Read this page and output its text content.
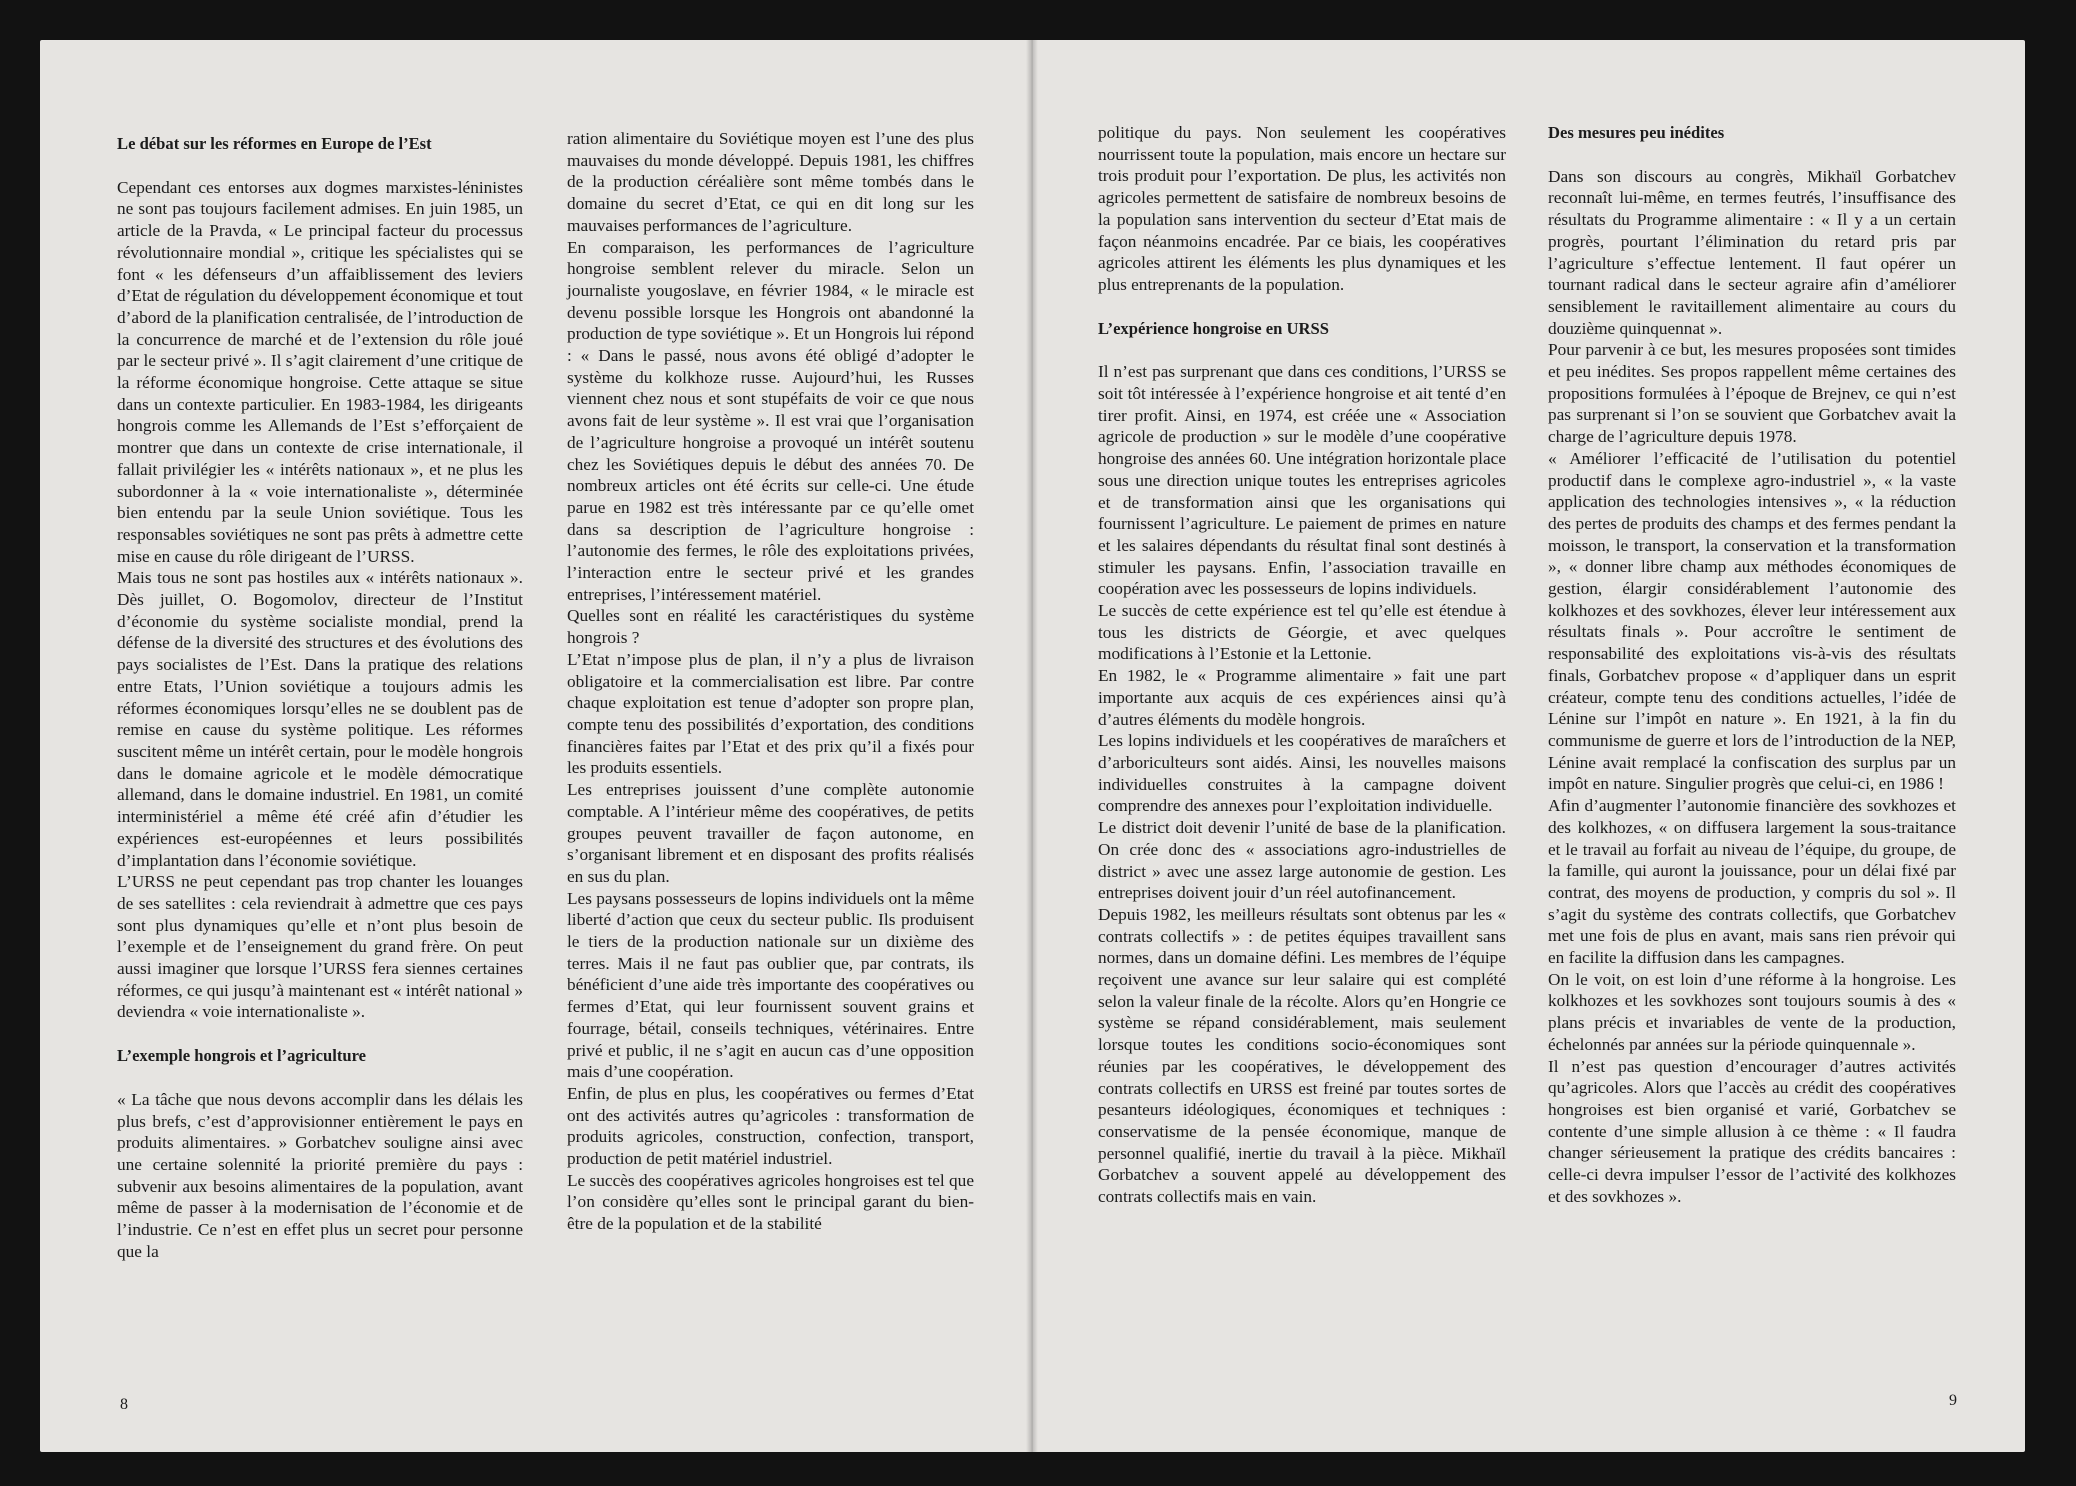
Le débat sur les réformes en Europe de l’Est

Cependant ces entorses aux dogmes marxistes-léninistes ne sont pas toujours facilement admises. En juin 1985, un article de la Pravda, « Le principal facteur du processus révolutionnaire mondial », critique les spécialistes qui se font « les défenseurs d’un affaiblissement des leviers d’Etat de régulation du développement économique et tout d’abord de la planification centralisée, de l’introduction de la concurrence de marché et de l’extension du rôle joué par le secteur privé ». Il s’agit clairement d’une critique de la réforme économique hongroise. Cette attaque se situe dans un contexte particulier. En 1983-1984, les dirigeants hongrois comme les Allemands de l’Est s’efforçaient de montrer que dans un contexte de crise internationale, il fallait privilégier les « intérêts nationaux », et ne plus les subordonner à la « voie internationaliste », déterminée bien entendu par la seule Union soviétique. Tous les responsables soviétiques ne sont pas prêts à admettre cette mise en cause du rôle dirigeant de l’URSS.

Mais tous ne sont pas hostiles aux « intérêts nationaux ». Dès juillet, O. Bogomolov, directeur de l’Institut d’économie du système socialiste mondial, prend la défense de la diversité des structures et des évolutions des pays socialistes de l’Est. Dans la pratique des relations entre Etats, l’Union soviétique a toujours admis les réformes économiques lorsqu’elles ne se doublent pas de remise en cause du système politique. Les réformes suscitent même un intérêt certain, pour le modèle hongrois dans le domaine agricole et le modèle démocratique allemand, dans le domaine industriel. En 1981, un comité interministériel a même été créé afin d’étudier les expériences est-européennes et leurs possibilités d’implantation dans l’économie soviétique.

L’URSS ne peut cependant pas trop chanter les louanges de ses satellites : cela reviendrait à admettre que ces pays sont plus dynamiques qu’elle et n’ont plus besoin de l’exemple et de l’enseignement du grand frère. On peut aussi imaginer que lorsque l’URSS fera siennes certaines réformes, ce qui jusqu’à maintenant est « intérêt national » deviendra « voie internationaliste ».

L’exemple hongrois et l’agriculture

« La tâche que nous devons accomplir dans les délais les plus brefs, c’est d’approvisionner entièrement le pays en produits alimentaires. » Gorbatchev souligne ainsi avec une certaine solennité la priorité première du pays : subvenir aux besoins alimentaires de la population, avant même de passer à la modernisation de l’économie et de l’industrie. Ce n’est en effet plus un secret pour personne que la

ration alimentaire du Soviétique moyen est l’une des plus mauvaises du monde développé. Depuis 1981, les chiffres de la production céréalière sont même tombés dans le domaine du secret d’Etat, ce qui en dit long sur les mauvaises performances de l’agriculture.

En comparaison, les performances de l’agriculture hongroise semblent relever du miracle. Selon un journaliste yougoslave, en février 1984, « le miracle est devenu possible lorsque les Hongrois ont abandonné la production de type soviétique ». Et un Hongrois lui répond : « Dans le passé, nous avons été obligé d’adopter le système du kolkhoze russe. Aujourd’hui, les Russes viennent chez nous et sont stupéfaits de voir ce que nous avons fait de leur système ». Il est vrai que l’organisation de l’agriculture hongroise a provoqué un intérêt soutenu chez les Soviétiques depuis le début des années 70. De nombreux articles ont été écrits sur celle-ci. Une étude parue en 1982 est très intéressante par ce qu’elle omet dans sa description de l’agriculture hongroise : l’autonomie des fermes, le rôle des exploitations privées, l’interaction entre le secteur privé et les grandes entreprises, l’intéressement matériel.

Quelles sont en réalité les caractéristiques du système hongrois ?

L’Etat n’impose plus de plan, il n’y a plus de livraison obligatoire et la commercialisation est libre. Par contre chaque exploitation est tenue d’adopter son propre plan, compte tenu des possibilités d’exportation, des conditions financières faites par l’Etat et des prix qu’il a fixés pour les produits essentiels.

Les entreprises jouissent d’une complète autonomie comptable. A l’intérieur même des coopératives, de petits groupes peuvent travailler de façon autonome, en s’organisant librement et en disposant des profits réalisés en sus du plan.

Les paysans possesseurs de lopins individuels ont la même liberté d’action que ceux du secteur public. Ils produisent le tiers de la production nationale sur un dixième des terres. Mais il ne faut pas oublier que, par contrats, ils bénéficient d’une aide très importante des coopératives ou fermes d’Etat, qui leur fournissent souvent grains et fourrage, bétail, conseils techniques, vétérinaires. Entre privé et public, il ne s’agit en aucun cas d’une opposition mais d’une coopération.

Enfin, de plus en plus, les coopératives ou fermes d’Etat ont des activités autres qu’agricoles : transformation de produits agricoles, construction, confection, transport, production de petit matériel industriel.

Le succès des coopératives agricoles hongroises est tel que l’on considère qu’elles sont le principal garant du bien-être de la population et de la stabilité

politique du pays. Non seulement les coopératives nourrissent toute la population, mais encore un hectare sur trois produit pour l’exportation. De plus, les activités non agricoles permettent de satisfaire de nombreux besoins de la population sans intervention du secteur d’Etat mais de façon néanmoins encadrée. Par ce biais, les coopératives agricoles attirent les éléments les plus dynamiques et les plus entreprenants de la population.

L’expérience hongroise en URSS

Il n’est pas surprenant que dans ces conditions, l’URSS se soit tôt intéressée à l’expérience hongroise et ait tenté d’en tirer profit. Ainsi, en 1974, est créée une « Association agricole de production » sur le modèle d’une coopérative hongroise des années 60. Une intégration horizontale place sous une direction unique toutes les entreprises agricoles et de transformation ainsi que les organisations qui fournissent l’agriculture. Le paiement de primes en nature et les salaires dépendants du résultat final sont destinés à stimuler les paysans. Enfin, l’association travaille en coopération avec les possesseurs de lopins individuels.

Le succès de cette expérience est tel qu’elle est étendue à tous les districts de Géorgie, et avec quelques modifications à l’Estonie et la Lettonie.

En 1982, le « Programme alimentaire » fait une part importante aux acquis de ces expériences ainsi qu’à d’autres éléments du modèle hongrois.

Les lopins individuels et les coopératives de maraîchers et d’arboriculteurs sont aidés. Ainsi, les nouvelles maisons individuelles construites à la campagne doivent comprendre des annexes pour l’exploitation individuelle.

Le district doit devenir l’unité de base de la planification. On crée donc des « associations agro-industrielles de district » avec une assez large autonomie de gestion. Les entreprises doivent jouir d’un réel autofinancement.

Depuis 1982, les meilleurs résultats sont obtenus par les « contrats collectifs » : de petites équipes travaillent sans normes, dans un domaine défini. Les membres de l’équipe reçoivent une avance sur leur salaire qui est complété selon la valeur finale de la récolte. Alors qu’en Hongrie ce système se répand considérablement, mais seulement lorsque toutes les conditions socio-économiques sont réunies par les coopératives, le développement des contrats collectifs en URSS est freiné par toutes sortes de pesanteurs idéologiques, économiques et techniques : conservatisme de la pensée économique, manque de personnel qualifié, inertie du travail à la pièce. Mikhaïl Gorbatchev a souvent appelé au développement des contrats collectifs mais en vain.

Des mesures peu inédites

Dans son discours au congrès, Mikhaïl Gorbatchev reconnaît lui-même, en termes feutrés, l’insuffisance des résultats du Programme alimentaire : « Il y a un certain progrès, pourtant l’élimination du retard pris par l’agriculture s’effectue lentement. Il faut opérer un tournant radical dans le secteur agraire afin d’améliorer sensiblement le ravitaillement alimentaire au cours du douzième quinquennat ».

Pour parvenir à ce but, les mesures proposées sont timides et peu inédites. Ses propos rappellent même certaines des propositions formulées à l’époque de Brejnev, ce qui n’est pas surprenant si l’on se souvient que Gorbatchev avait la charge de l’agriculture depuis 1978.

« Améliorer l’efficacité de l’utilisation du potentiel productif dans le complexe agro-industriel », « la vaste application des technologies intensives », « la réduction des pertes de produits des champs et des fermes pendant la moisson, le transport, la conservation et la transformation », « donner libre champ aux méthodes économiques de gestion, élargir considérablement l’autonomie des kolkhozes et des sovkhozes, élever leur intéressement aux résultats finals ». Pour accroître le sentiment de responsabilité des exploitations vis-à-vis des résultats finals, Gorbatchev propose « d’appliquer dans un esprit créateur, compte tenu des conditions actuelles, l’idée de Lénine sur l’impôt en nature ». En 1921, à la fin du communisme de guerre et lors de l’introduction de la NEP, Lénine avait remplacé la confiscation des surplus par un impôt en nature. Singulier progrès que celui-ci, en 1986 !

Afin d’augmenter l’autonomie financière des sovkhozes et des kolkhozes, « on diffusera largement la sous-traitance et le travail au forfait au niveau de l’équipe, du groupe, de la famille, qui auront la jouissance, pour un délai fixé par contrat, des moyens de production, y compris du sol ». Il s’agit du système des contrats collectifs, que Gorbatchev met une fois de plus en avant, mais sans rien prévoir qui en facilite la diffusion dans les campagnes.

On le voit, on est loin d’une réforme à la hongroise. Les kolkhozes et les sovkhozes sont toujours soumis à des « plans précis et invariables de vente de la production, échelonnés par années sur la période quinquennale ».

Il n’est pas question d’encourager d’autres activités qu’agricoles. Alors que l’accès au crédit des coopératives hongroises est bien organisé et varié, Gorbatchev se contente d’une simple allusion à ce thème : « Il faudra changer sérieusement la pratique des crédits bancaires : celle-ci devra impulser l’essor de l’activité des kolkhozes et des sovkhozes ».

8	9
